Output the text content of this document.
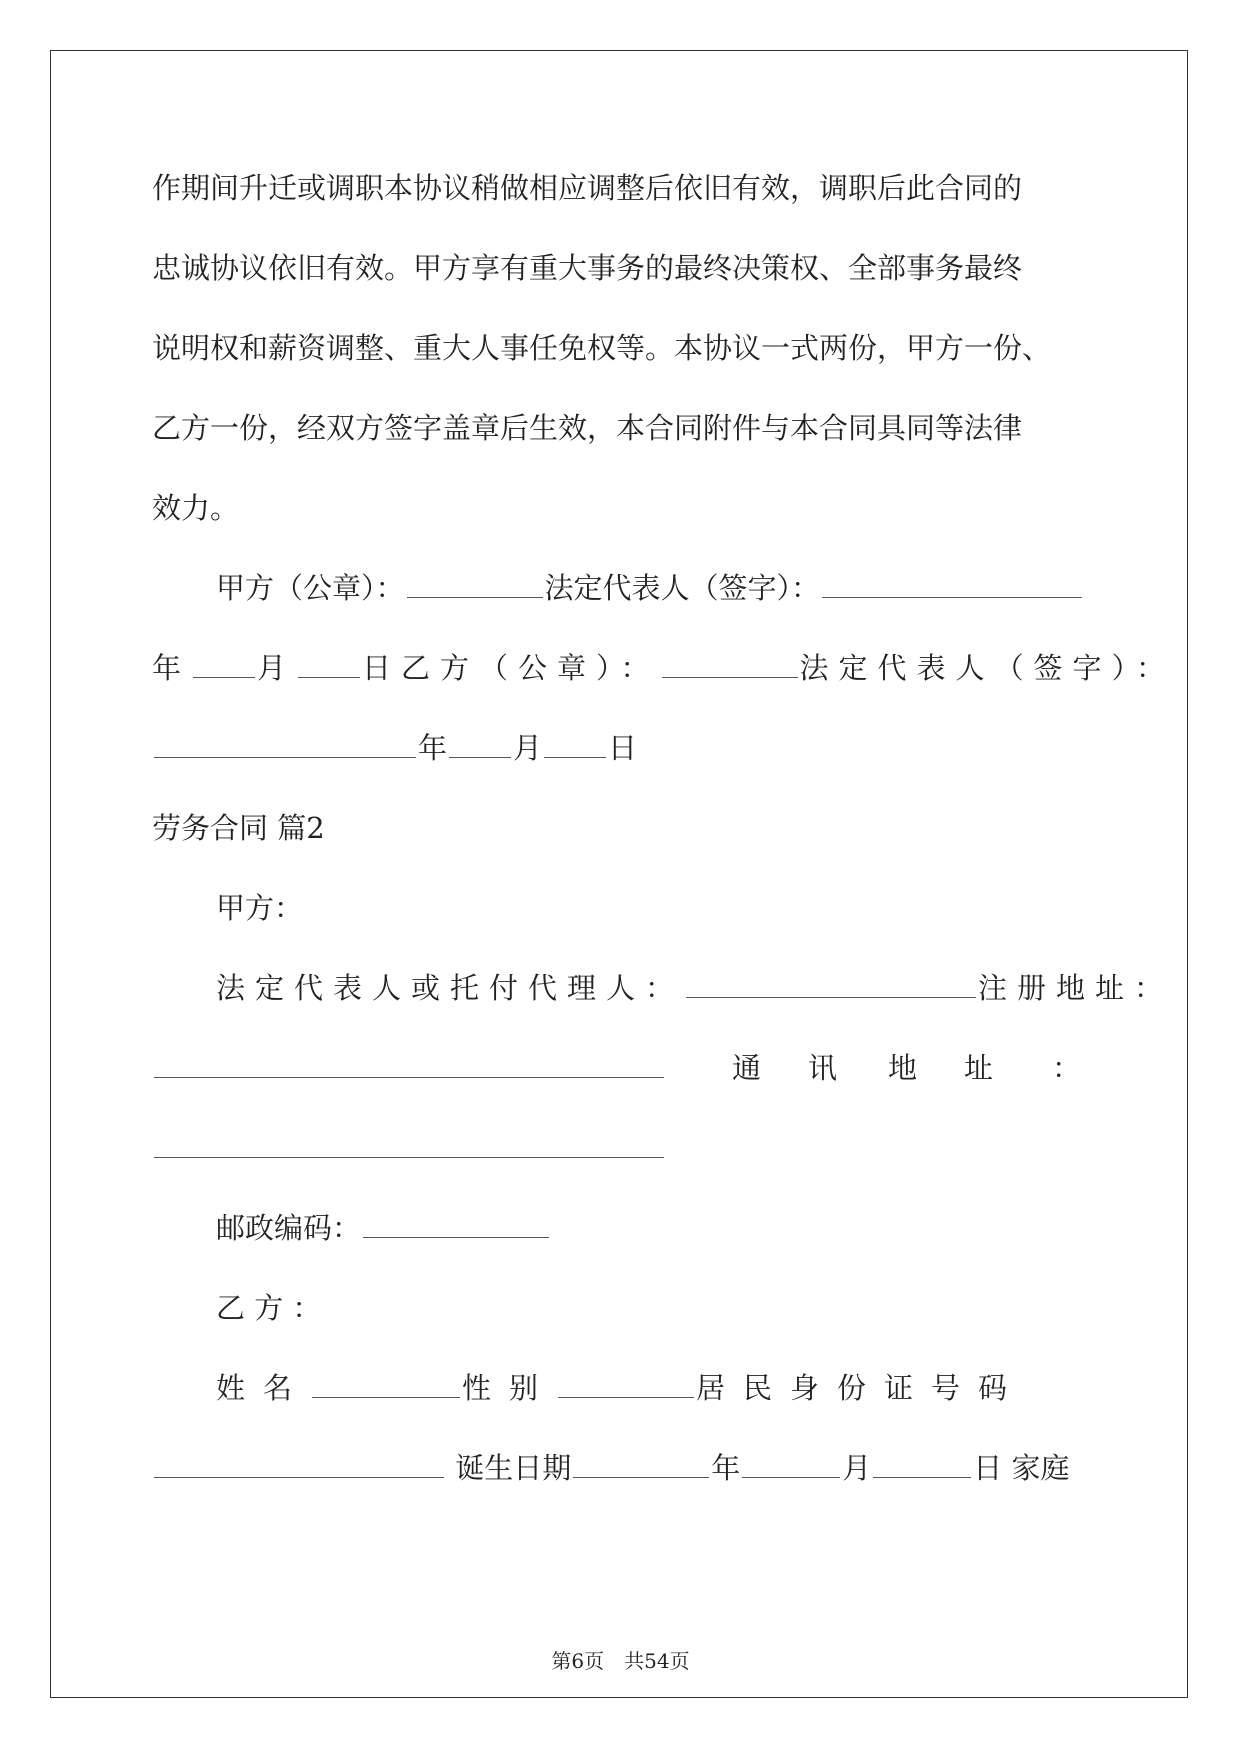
作期间升迁或调职本协议稍做相应调整后依旧有效，调职后此合同的
忠诚协议依旧有效。甲方享有重大事务的最终决策权、全部事务最终
说明权和薪资调整、重大人事任免权等。本协议一式两份，甲方一份、
乙方一份，经双方签字盖章后生效，本合同附件与本合同具同等法律
效力。
甲方（公章）：	法定代表人（签字）：
年 月 日乙方（公章）：	法定代表人（签字）：
年 月 日
劳务合同 篇2
甲方：
法定代表人或托付代理人：	注册地址：
通 讯 地 址 ：
邮政编码：
乙 方 ：
姓名	性别	居民身份证号码
诞生日期	年	月	日 家庭
第6页 共54页
